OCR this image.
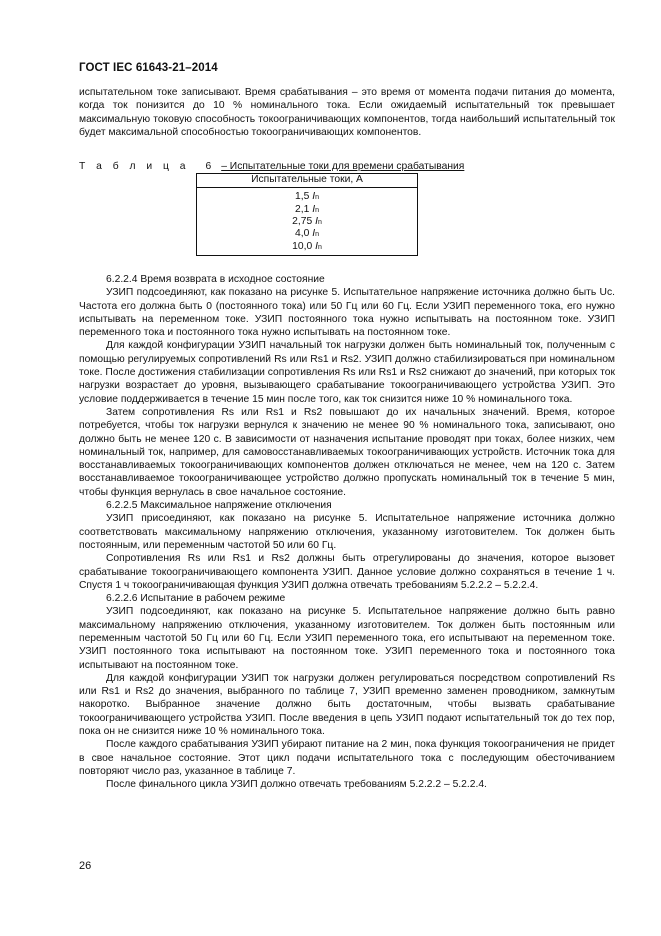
ГОСТ IEC 61643-21–2014

испытательном токе записывают. Время срабатывания – это время от момента подачи питания до момента, когда ток понизится до 10 % номинального тока. Если ожидаемый испытательный ток превышает максимальную токовую способность токоограничивающих компонентов, тогда наибольший испытательный ток будет максимальной способностью токоограничивающих компонентов.

Т а б л и ц а 6 – Испытательные токи для времени срабатывания
Испытательные токи, А

1,5 In
2,1 In
2,75 In
4,0 In
10,0 In

6.2.2.4 Время возврата в исходное состояние

УЗИП подсоединяют, как показано на рисунке 5. Испытательное напряжение источника должно быть Uc. Частота его должна быть 0 (постоянного тока) или 50 Гц или 60 Гц. Если УЗИП переменного тока, его нужно испытывать на переменном токе. УЗИП постоянного тока нужно испытывать на постоянном токе. УЗИП переменного тока и постоянного тока нужно испытывать на постоянном токе.

Для каждой конфигурации УЗИП начальный ток нагрузки должен быть номинальный ток, полученным с помощью регулируемых сопротивлений Rs или Rs1 и Rs2. УЗИП должно стабилизироваться при номинальном токе. После достижения стабилизации сопротивления Rs или Rs1 и Rs2 снижают до значений, при которых ток нагрузки возрастает до уровня, вызывающего срабатывание токоограничивающего устройства УЗИП. Это условие поддерживается в течение 15 мин после того, как ток снизится ниже 10 % номинального тока.

Затем сопротивления Rs или Rs1 и Rs2 повышают до их начальных значений. Время, которое потребуется, чтобы ток нагрузки вернулся к значению не менее 90 % номинального тока, записывают, оно должно быть не менее 120 с. В зависимости от назначения испытание проводят при токах, более низких, чем номинальный ток, например, для самовосстанавливаемых токоограничивающих устройств. Источник тока для восстанавливаемых токоограничивающих компонентов должен отключаться не менее, чем на 120 с. Затем восстанавливаемое токоограничивающее устройство должно пропускать номинальный ток в течение 5 мин, чтобы функция вернулась в свое начальное состояние.

6.2.2.5 Максимальное напряжение отключения

УЗИП присоединяют, как показано на рисунке 5. Испытательное напряжение источника должно соответствовать максимальному напряжению отключения, указанному изготовителем. Ток должен быть постоянным, или переменным частотой 50 или 60 Гц.

Сопротивления Rs или Rs1 и Rs2 должны быть отрегулированы до значения, которое вызовет срабатывание токоограничивающего компонента УЗИП. Данное условие должно сохраняться в течение 1 ч. Спустя 1 ч токоограничивающая функция УЗИП должна отвечать требованиям 5.2.2.2 – 5.2.2.4.

6.2.2.6 Испытание в рабочем режиме

УЗИП подсоединяют, как показано на рисунке 5. Испытательное напряжение должно быть равно максимальному напряжению отключения, указанному изготовителем. Ток должен быть постоянным или переменным частотой 50 Гц или 60 Гц. Если УЗИП переменного тока, его испытывают на переменном токе. УЗИП постоянного тока испытывают на постоянном токе. УЗИП переменного тока и постоянного тока испытывают на постоянном токе.

Для каждой конфигурации УЗИП ток нагрузки должен регулироваться посредством сопротивлений Rs или Rs1 и Rs2 до значения, выбранного по таблице 7, УЗИП временно заменен проводником, замкнутым накоротко. Выбранное значение должно быть достаточным, чтобы вызвать срабатывание токоограничивающего устройства УЗИП. После введения в цепь УЗИП подают испытательный ток до тех пор, пока он не снизится ниже 10 % номинального тока.

После каждого срабатывания УЗИП убирают питание на 2 мин, пока функция токоограничения не придет в свое начальное состояние. Этот цикл подачи испытательного тока с последующим обесточиванием повторяют число раз, указанное в таблице 7.

После финального цикла УЗИП должно отвечать требованиям 5.2.2.2 – 5.2.2.4.

26
